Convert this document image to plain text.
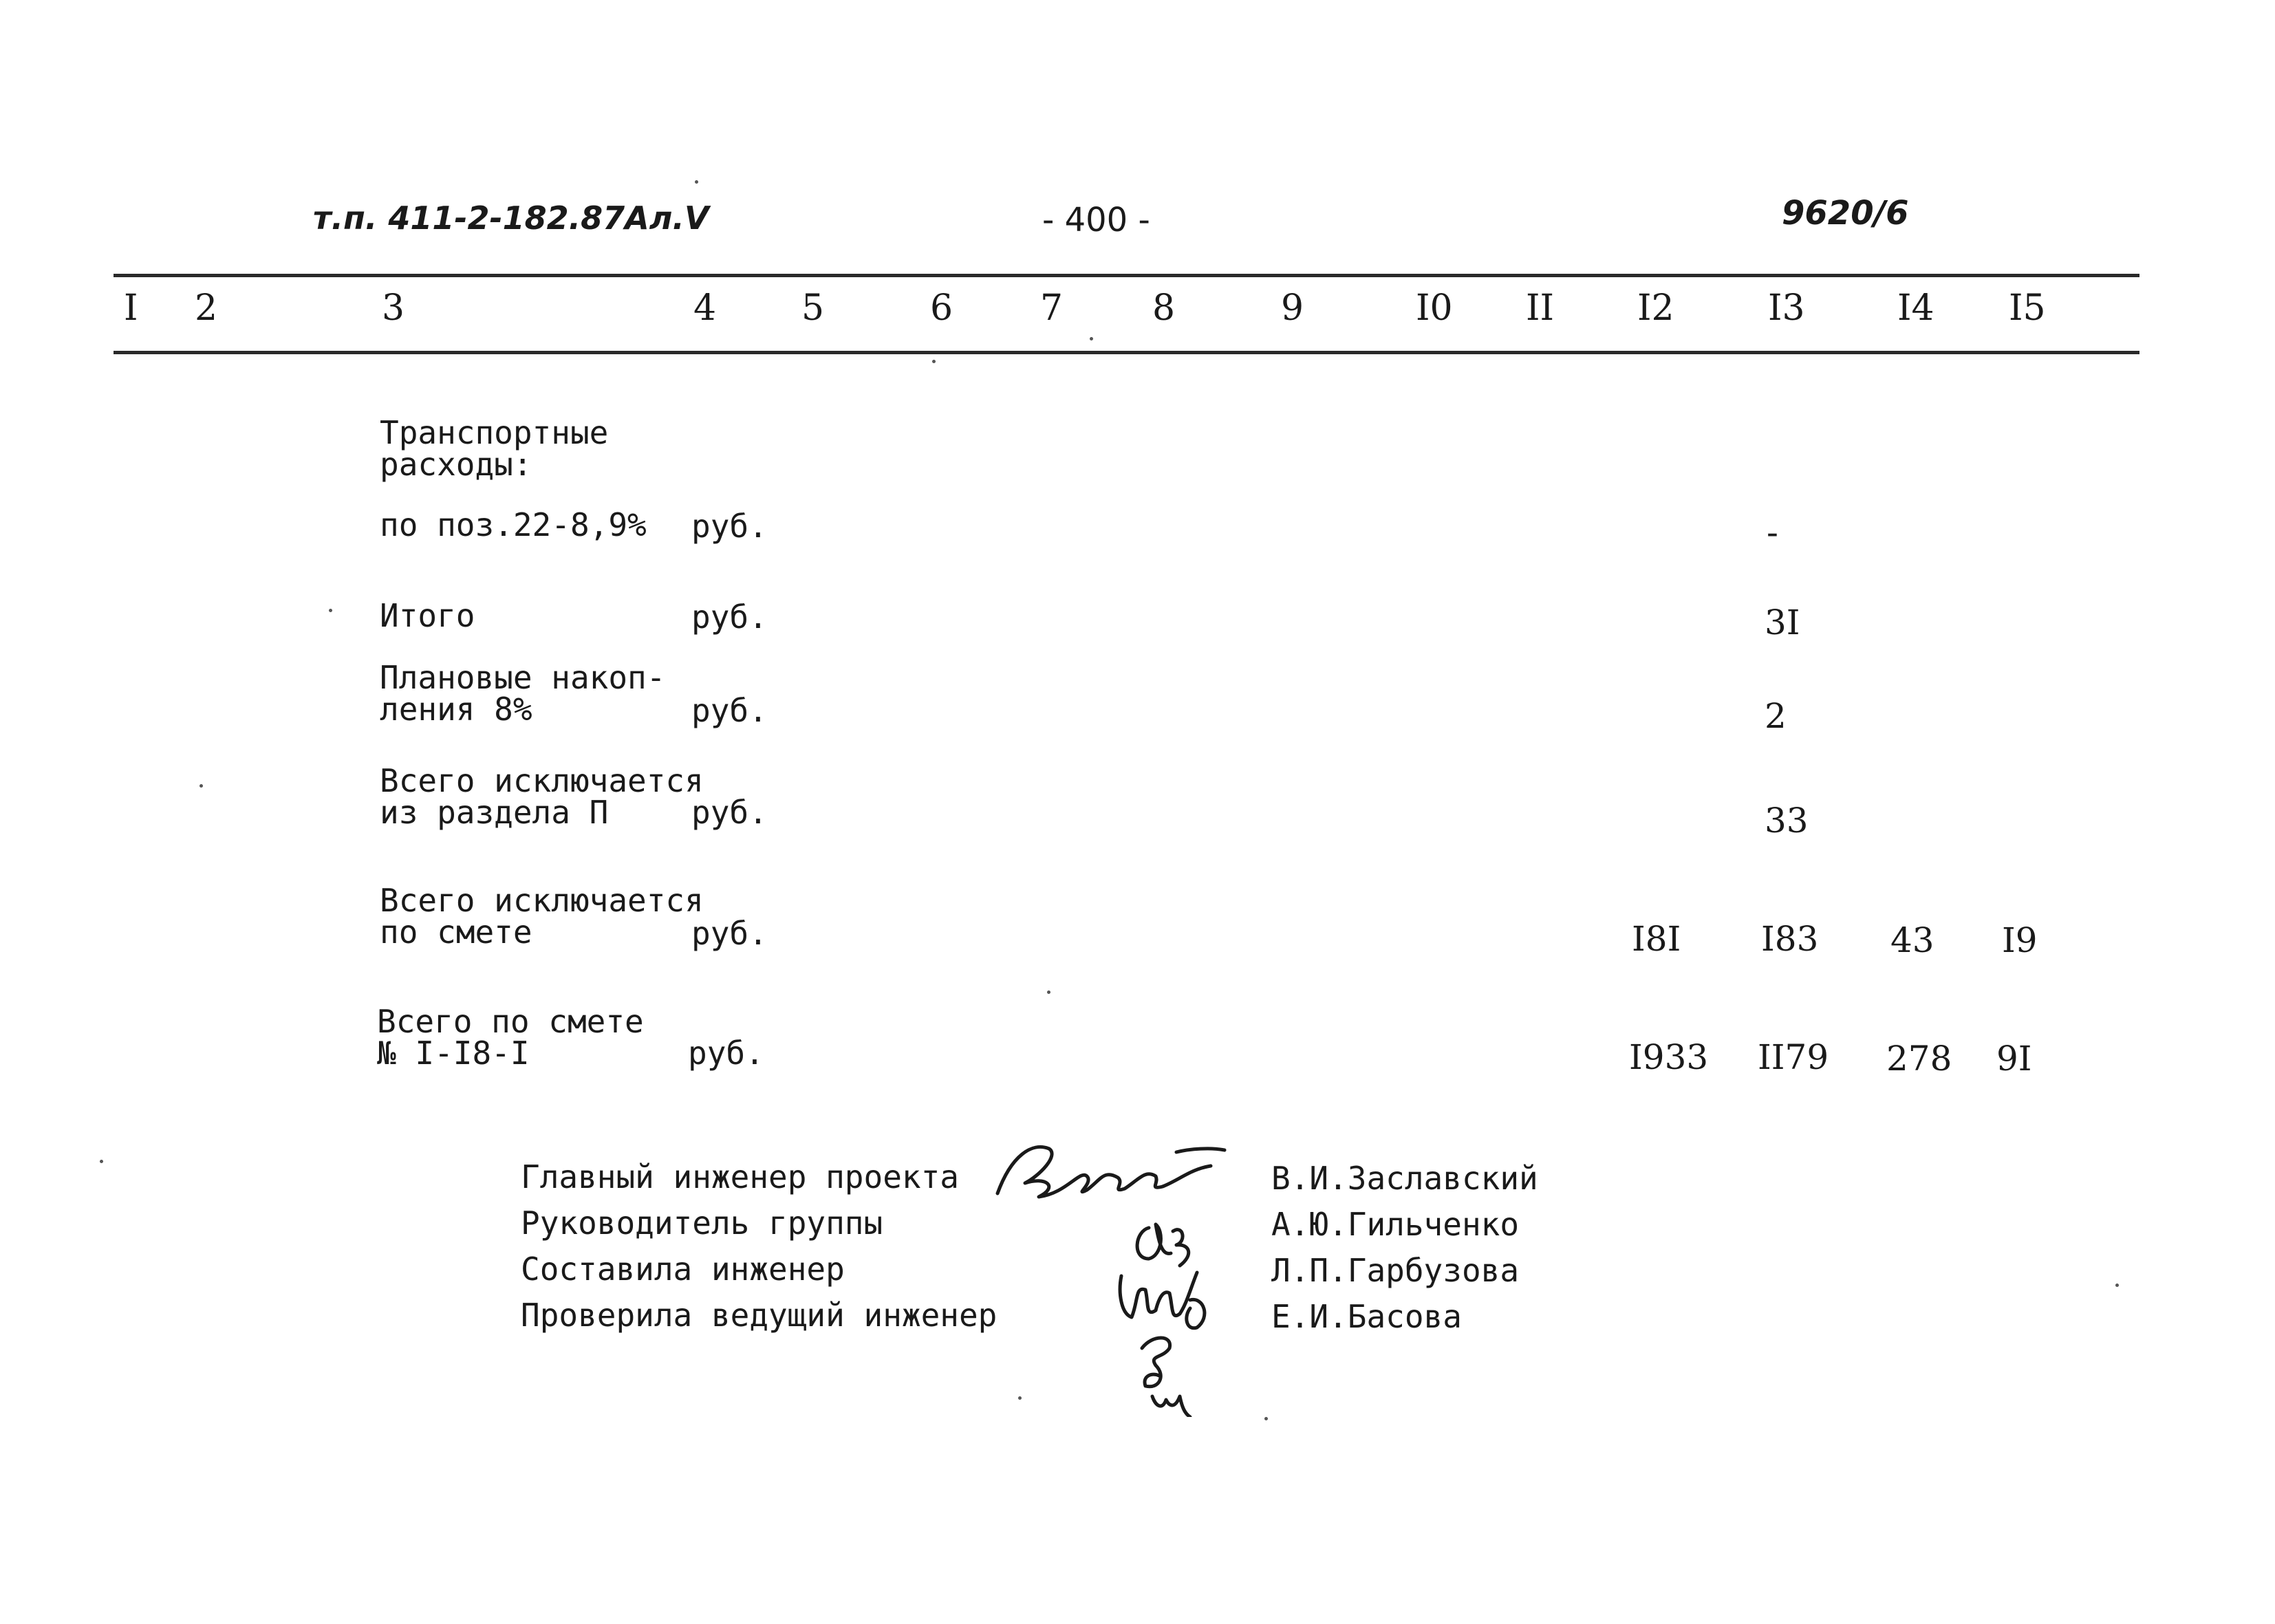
т.п. 411-2-182.87Ал.V	- 400 -	9620/6
I 2	3	4 5	6 7 8	9	I0 II I2	I3	I4 I5
Транспортные
расходы:
по поз.22-8,9% руб.	-
Итого	руб.	3I
Плановые накоп-
ления 8%	руб.	2
Всего исключается
из раздела П	руб.	33
Всего исключается
по смете	руб.	I8I I83 43 I9
Всего по смете
№ I-I8-I	руб.	I933 II79 278 9I
Главный инженер проекта
Руководитель группы
Составила инженер
Проверила ведущий инженер
В.И.Заславский
А.Ю.Гильченко
Л.П.Гарбузова
Е.И.Басова
